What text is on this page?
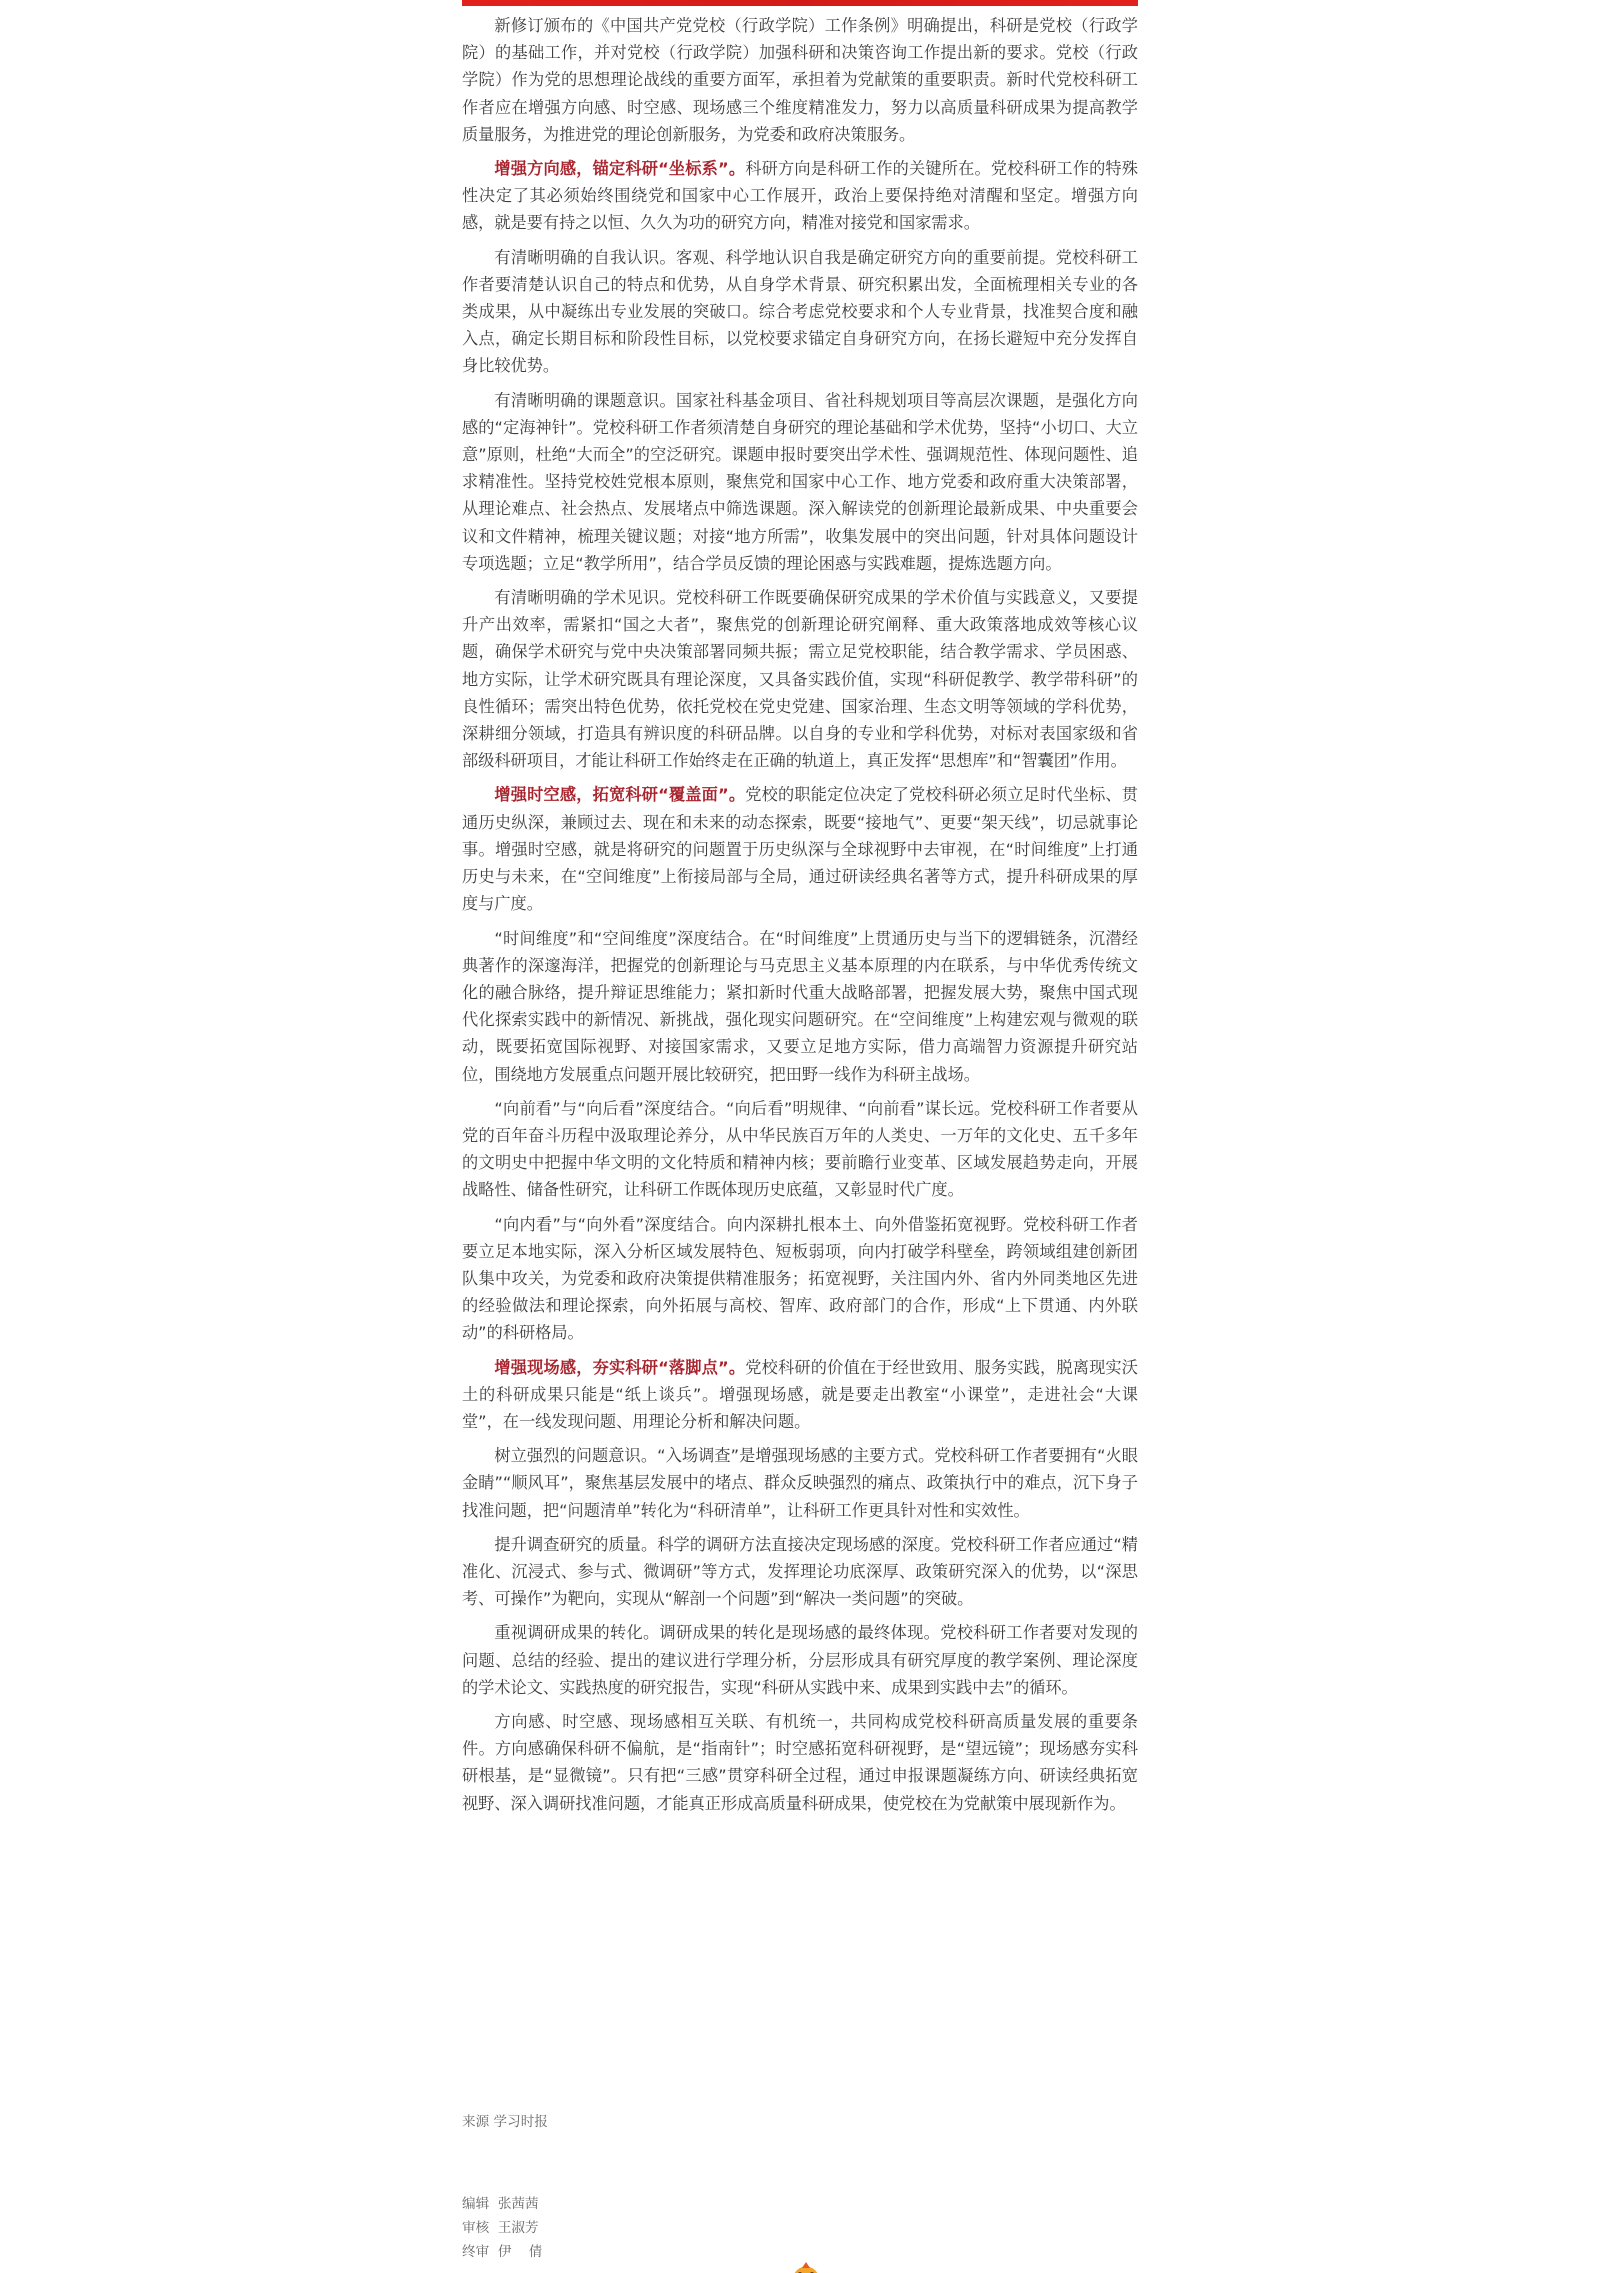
新修订颁布的《中国共产党党校（行政学院）工作条例》明确提出，科研是党校（行政学院）的基础工作，并对党校（行政学院）加强科研和决策咨询工作提出新的要求。党校（行政学院）作为党的思想理论战线的重要方面军，承担着为党献策的重要职责。新时代党校科研工作者应在增强方向感、时空感、现场感三个维度精准发力，努力以高质量科研成果为提高教学质量服务，为推进党的理论创新服务，为党委和政府决策服务。

增强方向感，锚定科研“坐标系”。科研方向是科研工作的关键所在。党校科研工作的特殊性决定了其必须始终围绕党和国家中心工作展开，政治上要保持绝对清醒和坚定。增强方向感，就是要有持之以恒、久久为功的研究方向，精准对接党和国家需求。

有清晰明确的自我认识。客观、科学地认识自我是确定研究方向的重要前提。党校科研工作者要清楚认识自己的特点和优势，从自身学术背景、研究积累出发，全面梳理相关专业的各类成果，从中凝练出专业发展的突破口。综合考虑党校要求和个人专业背景，找准契合度和融入点，确定长期目标和阶段性目标，以党校要求锚定自身研究方向，在扬长避短中充分发挥自身比较优势。

有清晰明确的课题意识。国家社科基金项目、省社科规划项目等高层次课题，是强化方向感的“定海神针”。党校科研工作者须清楚自身研究的理论基础和学术优势，坚持“小切口、大立意”原则，杜绝“大而全”的空泛研究。课题申报时要突出学术性、强调规范性、体现问题性、追求精准性。坚持党校姓党根本原则，聚焦党和国家中心工作、地方党委和政府重大决策部署，从理论难点、社会热点、发展堵点中筛选课题。深入解读党的创新理论最新成果、中央重要会议和文件精神，梳理关键议题；对接“地方所需”，收集发展中的突出问题，针对具体问题设计专项选题；立足“教学所用”，结合学员反馈的理论困惑与实践难题，提炼选题方向。

有清晰明确的学术见识。党校科研工作既要确保研究成果的学术价值与实践意义，又要提升产出效率，需紧扣“国之大者”，聚焦党的创新理论研究阐释、重大政策落地成效等核心议题，确保学术研究与党中央决策部署同频共振；需立足党校职能，结合教学需求、学员困惑、地方实际，让学术研究既具有理论深度，又具备实践价值，实现“科研促教学、教学带科研”的良性循环；需突出特色优势，依托党校在党史党建、国家治理、生态文明等领域的学科优势，深耕细分领域，打造具有辨识度的科研品牌。以自身的专业和学科优势，对标对表国家级和省部级科研项目，才能让科研工作始终走在正确的轨道上，真正发挥“思想库”和“智囊团”作用。

增强时空感，拓宽科研“覆盖面”。党校的职能定位决定了党校科研必须立足时代坐标、贯通历史纵深，兼顾过去、现在和未来的动态探索，既要“接地气”、更要“架天线”，切忌就事论事。增强时空感，就是将研究的问题置于历史纵深与全球视野中去审视，在“时间维度”上打通历史与未来，在“空间维度”上衔接局部与全局，通过研读经典名著等方式，提升科研成果的厚度与广度。

“时间维度”和“空间维度”深度结合。在“时间维度”上贯通历史与当下的逻辑链条，沉潜经典著作的深邃海洋，把握党的创新理论与马克思主义基本原理的内在联系，与中华优秀传统文化的融合脉络，提升辩证思维能力；紧扣新时代重大战略部署，把握发展大势，聚焦中国式现代化探索实践中的新情况、新挑战，强化现实问题研究。在“空间维度”上构建宏观与微观的联动，既要拓宽国际视野、对接国家需求，又要立足地方实际，借力高端智力资源提升研究站位，围绕地方发展重点问题开展比较研究，把田野一线作为科研主战场。

“向前看”与“向后看”深度结合。“向后看”明规律、“向前看”谋长远。党校科研工作者要从党的百年奋斗历程中汲取理论养分，从中华民族百万年的人类史、一万年的文化史、五千多年的文明史中把握中华文明的文化特质和精神内核；要前瞻行业变革、区域发展趋势走向，开展战略性、储备性研究，让科研工作既体现历史底蕴，又彰显时代广度。

“向内看”与“向外看”深度结合。向内深耕扎根本土、向外借鉴拓宽视野。党校科研工作者要立足本地实际，深入分析区域发展特色、短板弱项，向内打破学科壁垒，跨领域组建创新团队集中攻关，为党委和政府决策提供精准服务；拓宽视野，关注国内外、省内外同类地区先进的经验做法和理论探索，向外拓展与高校、智库、政府部门的合作，形成“上下贯通、内外联动”的科研格局。

增强现场感，夯实科研“落脚点”。党校科研的价值在于经世致用、服务实践，脱离现实沃土的科研成果只能是“纸上谈兵”。增强现场感，就是要走出教室“小课堂”，走进社会“大课堂”，在一线发现问题、用理论分析和解决问题。

树立强烈的问题意识。“入场调查”是增强现场感的主要方式。党校科研工作者要拥有“火眼金睛”“顺风耳”，聚焦基层发展中的堵点、群众反映强烈的痛点、政策执行中的难点，沉下身子找准问题，把“问题清单”转化为“科研清单”，让科研工作更具针对性和实效性。

提升调查研究的质量。科学的调研方法直接决定现场感的深度。党校科研工作者应通过“精准化、沉浸式、参与式、微调研”等方式，发挥理论功底深厚、政策研究深入的优势，以“深思考、可操作”为靶向，实现从“解剖一个问题”到“解决一类问题”的突破。

重视调研成果的转化。调研成果的转化是现场感的最终体现。党校科研工作者要对发现的问题、总结的经验、提出的建议进行学理分析，分层形成具有研究厚度的教学案例、理论深度的学术论文、实践热度的研究报告，实现“科研从实践中来、成果到实践中去”的循环。

方向感、时空感、现场感相互关联、有机统一，共同构成党校科研高质量发展的重要条件。方向感确保科研不偏航，是“指南针”；时空感拓宽科研视野，是“望远镜”；现场感夯实科研根基，是“显微镜”。只有把“三感”贯穿科研全过程，通过申报课题凝练方向、研读经典拓宽视野、深入调研找准问题，才能真正形成高质量科研成果，使党校在为党献策中展现新作为。

来源 学习时报
编辑  张茜茜
审核  王淑芳
终审  伊    倩
